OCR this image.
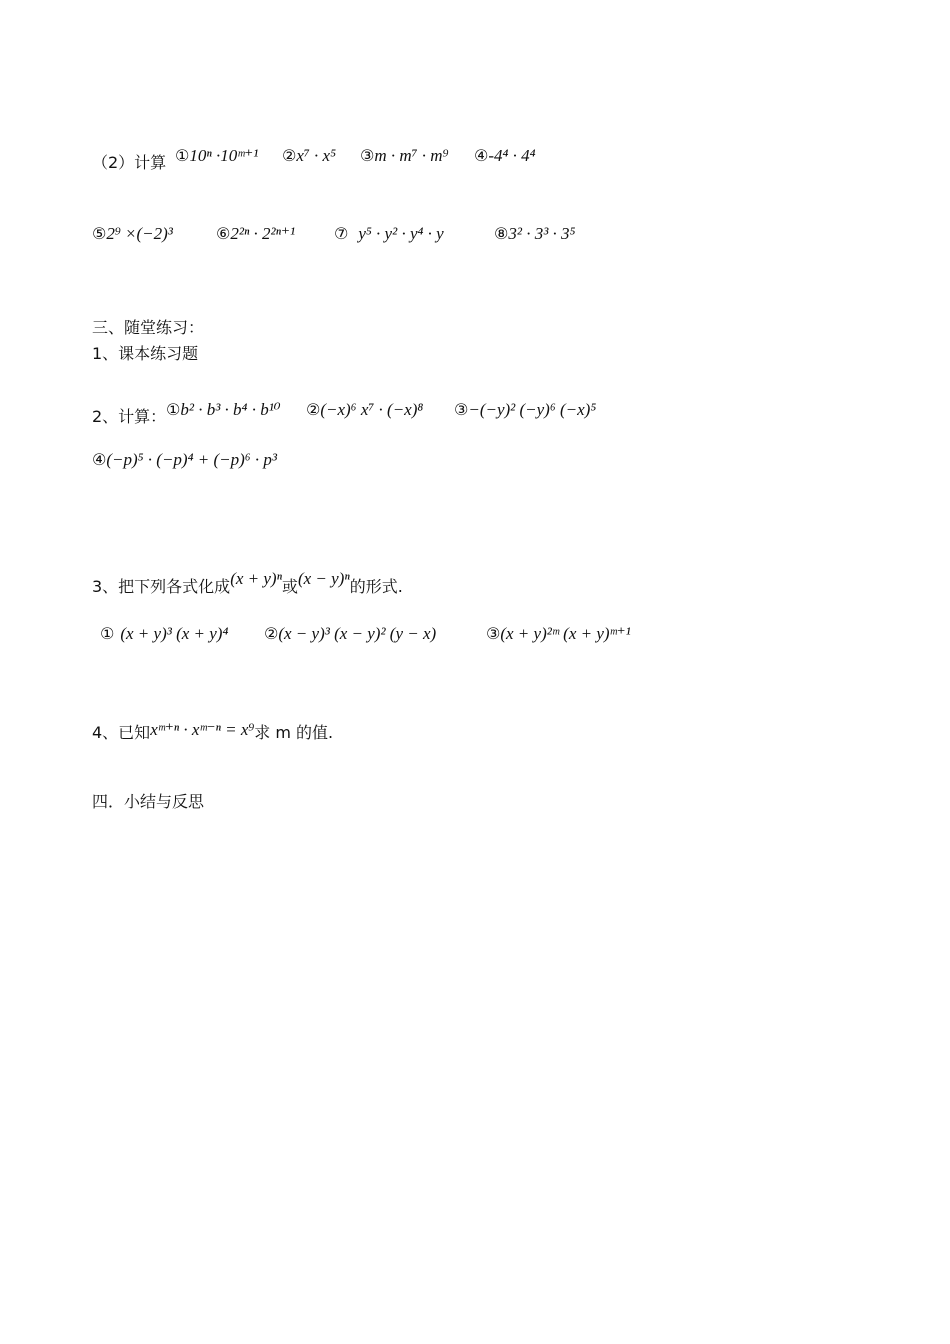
（2）计算 ①10ⁿ ·10ᵐ⁺¹ ②x⁷ · x⁵ ③m · m⁷ · m⁹ ④-4⁴ · 4⁴
⑤2⁹ ×(−2)³	⑥2²ⁿ · 2²ⁿ⁺¹ ⑦ y⁵ · y² · y⁴ · y	⑧3² · 3³ · 3⁵
三、随堂练习：
1、课本练习题
2、计算： ①b² · b³ · b⁴ · b¹⁰ ②(−x)⁶ x⁷ · (−x)⁸ ③−(−y)² (−y)⁶ (−x)⁵
④(−p)⁵ · (−p)⁴ + (−p)⁶ · p³
3、把下列各式化成(x + y)ⁿ或(x − y)ⁿ的形式.
① (x + y)³ (x + y)⁴ ②(x − y)³ (x − y)² (y − x)	③(x + y)²ᵐ (x + y)ᵐ⁺¹
4、已知xᵐ⁺ⁿ · xᵐ⁻ⁿ = x⁹求 m 的值.
四．小结与反思
